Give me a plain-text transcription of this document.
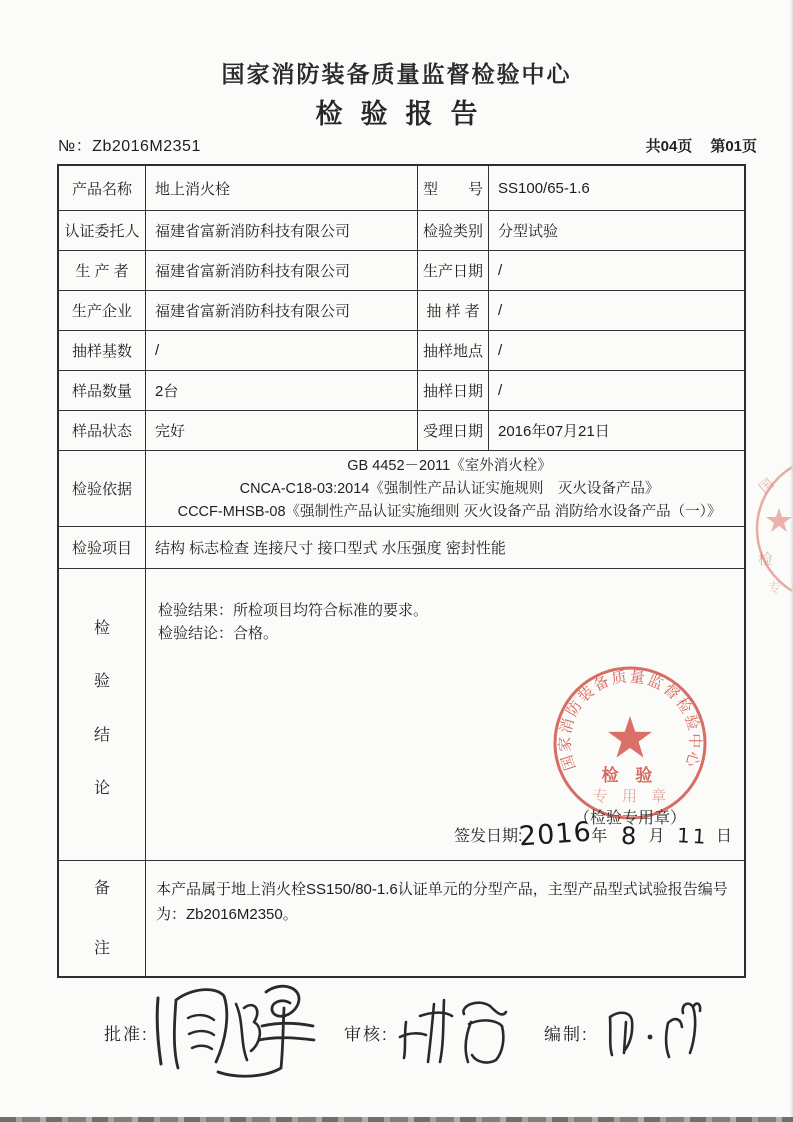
国家消防装备质量监督检验中心
检验报告
№：Zb2016M2351	共04页 第01页
产品名称	地上消火栓	型　　号	SS100/65-1.6
认证委托人	福建省富新消防科技有限公司	检验类别	分型试验
生 产 者	福建省富新消防科技有限公司	生产日期	/
生产企业	福建省富新消防科技有限公司	抽 样 者	/
抽样基数	/	抽样地点	/
样品数量	2台	抽样日期	/
样品状态	完好	受理日期	2016年07月21日
检验依据
GB 4452－2011《室外消火栓》
CNCA-C18-03:2014《强制性产品认证实施规则　灭火设备产品》
CCCF-MHSB-08《强制性产品认证实施细则 灭火设备产品 消防给水设备产品（一）》
检验项目	结构 标志检查 连接尺寸 接口型式 水压强度 密封性能
检
验
结
论
检验结果：所检项目均符合标准的要求。
检验结论：合格。
国家消防装备质量监督检验中心
检 验
专 用 章
（检验专用章）
签发日期:
2016 年 8 月 11 日
备
注
本产品属于地上消火栓SS150/80-1.6认证单元的分型产品，主型产品型式试验报告编号为：Zb2016M2350。
批准:	审核:	编制:
国
检
专
